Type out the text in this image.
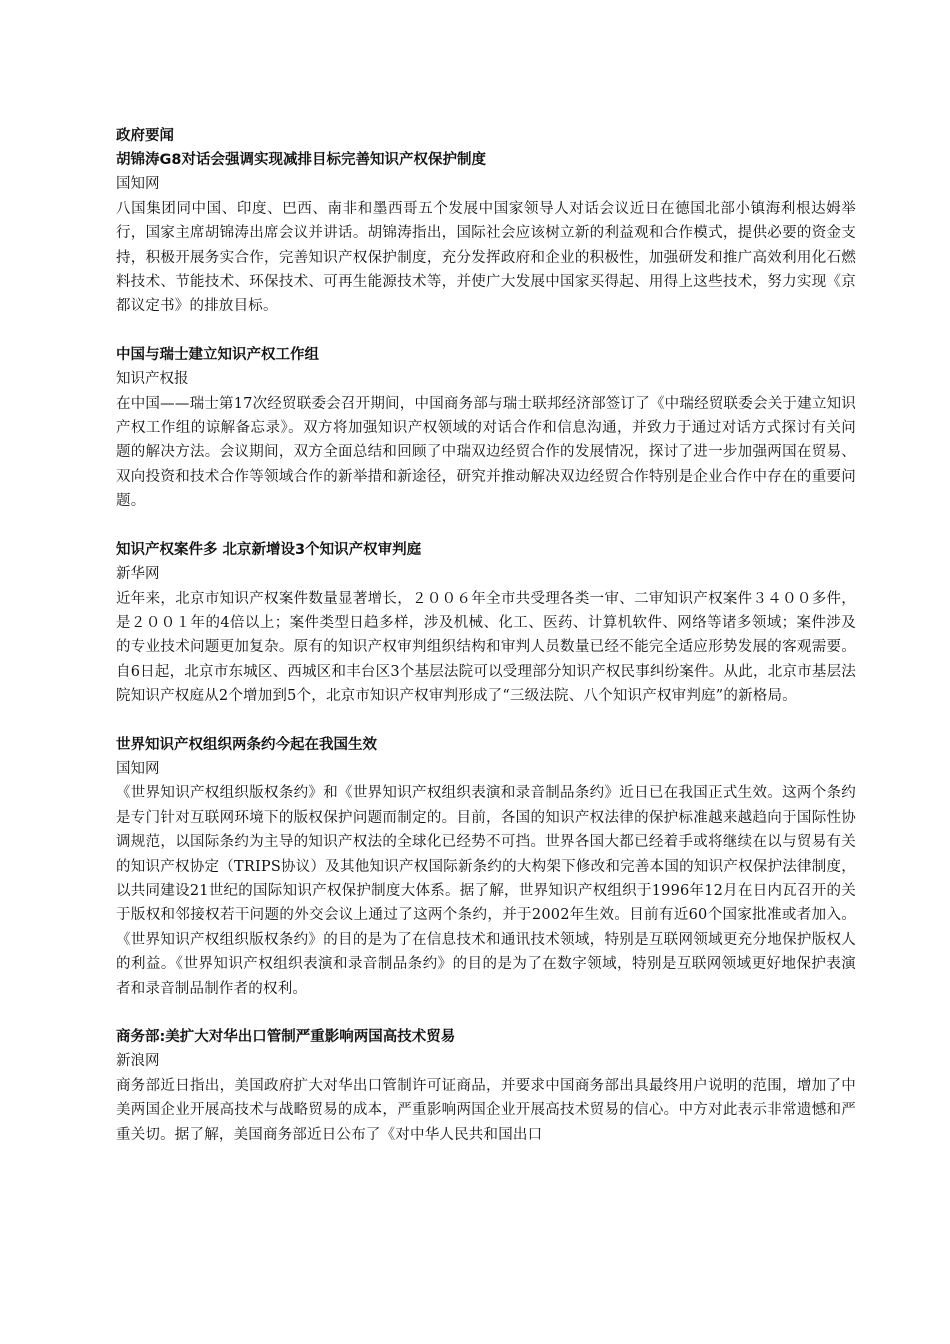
政府要闻

胡锦涛G8对话会强调实现减排目标完善知识产权保护制度

国知网

八国集团同中国、印度、巴西、南非和墨西哥五个发展中国家领导人对话会议近日在德国北部小镇海利根达姆举行，国家主席胡锦涛出席会议并讲话。胡锦涛指出，国际社会应该树立新的利益观和合作模式，提供必要的资金支持，积极开展务实合作，完善知识产权保护制度，充分发挥政府和企业的积极性，加强研发和推广高效利用化石燃料技术、节能技术、环保技术、可再生能源技术等，并使广大发展中国家买得起、用得上这些技术，努力实现《京都议定书》的排放目标。

中国与瑞士建立知识产权工作组

知识产权报

在中国——瑞士第17次经贸联委会召开期间，中国商务部与瑞士联邦经济部签订了《中瑞经贸联委会关于建立知识产权工作组的谅解备忘录》。双方将加强知识产权领域的对话合作和信息沟通，并致力于通过对话方式探讨有关问题的解决方法。会议期间，双方全面总结和回顾了中瑞双边经贸合作的发展情况，探讨了进一步加强两国在贸易、双向投资和技术合作等领域合作的新举措和新途径，研究并推动解决双边经贸合作特别是企业合作中存在的重要问题。

知识产权案件多 北京新增设3个知识产权审判庭

新华网

近年来，北京市知识产权案件数量显著增长，２００６年全市共受理各类一审、二审知识产权案件３４００多件，是２００１年的4倍以上；案件类型日趋多样，涉及机械、化工、医药、计算机软件、网络等诸多领域；案件涉及的专业技术问题更加复杂。原有的知识产权审判组织结构和审判人员数量已经不能完全适应形势发展的客观需要。自6日起，北京市东城区、西城区和丰台区3个基层法院可以受理部分知识产权民事纠纷案件。从此，北京市基层法院知识产权庭从2个增加到5个，北京市知识产权审判形成了“三级法院、八个知识产权审判庭”的新格局。

世界知识产权组织两条约今起在我国生效

国知网

《世界知识产权组织版权条约》和《世界知识产权组织表演和录音制品条约》近日已在我国正式生效。这两个条约是专门针对互联网环境下的版权保护问题而制定的。目前，各国的知识产权法律的保护标准越来越趋向于国际性协调规范，以国际条约为主导的知识产权法的全球化已经势不可挡。世界各国大都已经着手或将继续在以与贸易有关的知识产权协定（TRIPS协议）及其他知识产权国际新条约的大构架下修改和完善本国的知识产权保护法律制度，以共同建设21世纪的国际知识产权保护制度大体系。据了解，世界知识产权组织于1996年12月在日内瓦召开的关于版权和邻接权若干问题的外交会议上通过了这两个条约，并于2002年生效。目前有近60个国家批准或者加入。《世界知识产权组织版权条约》的目的是为了在信息技术和通讯技术领域，特别是互联网领域更充分地保护版权人的利益。《世界知识产权组织表演和录音制品条约》的目的是为了在数字领域，特别是互联网领域更好地保护表演者和录音制品制作者的权利。

商务部:美扩大对华出口管制严重影响两国高技术贸易

新浪网

商务部近日指出，美国政府扩大对华出口管制许可证商品，并要求中国商务部出具最终用户说明的范围，增加了中美两国企业开展高技术与战略贸易的成本，严重影响两国企业开展高技术贸易的信心。中方对此表示非常遗憾和严重关切。据了解，美国商务部近日公布了《对中华人民共和国出口
